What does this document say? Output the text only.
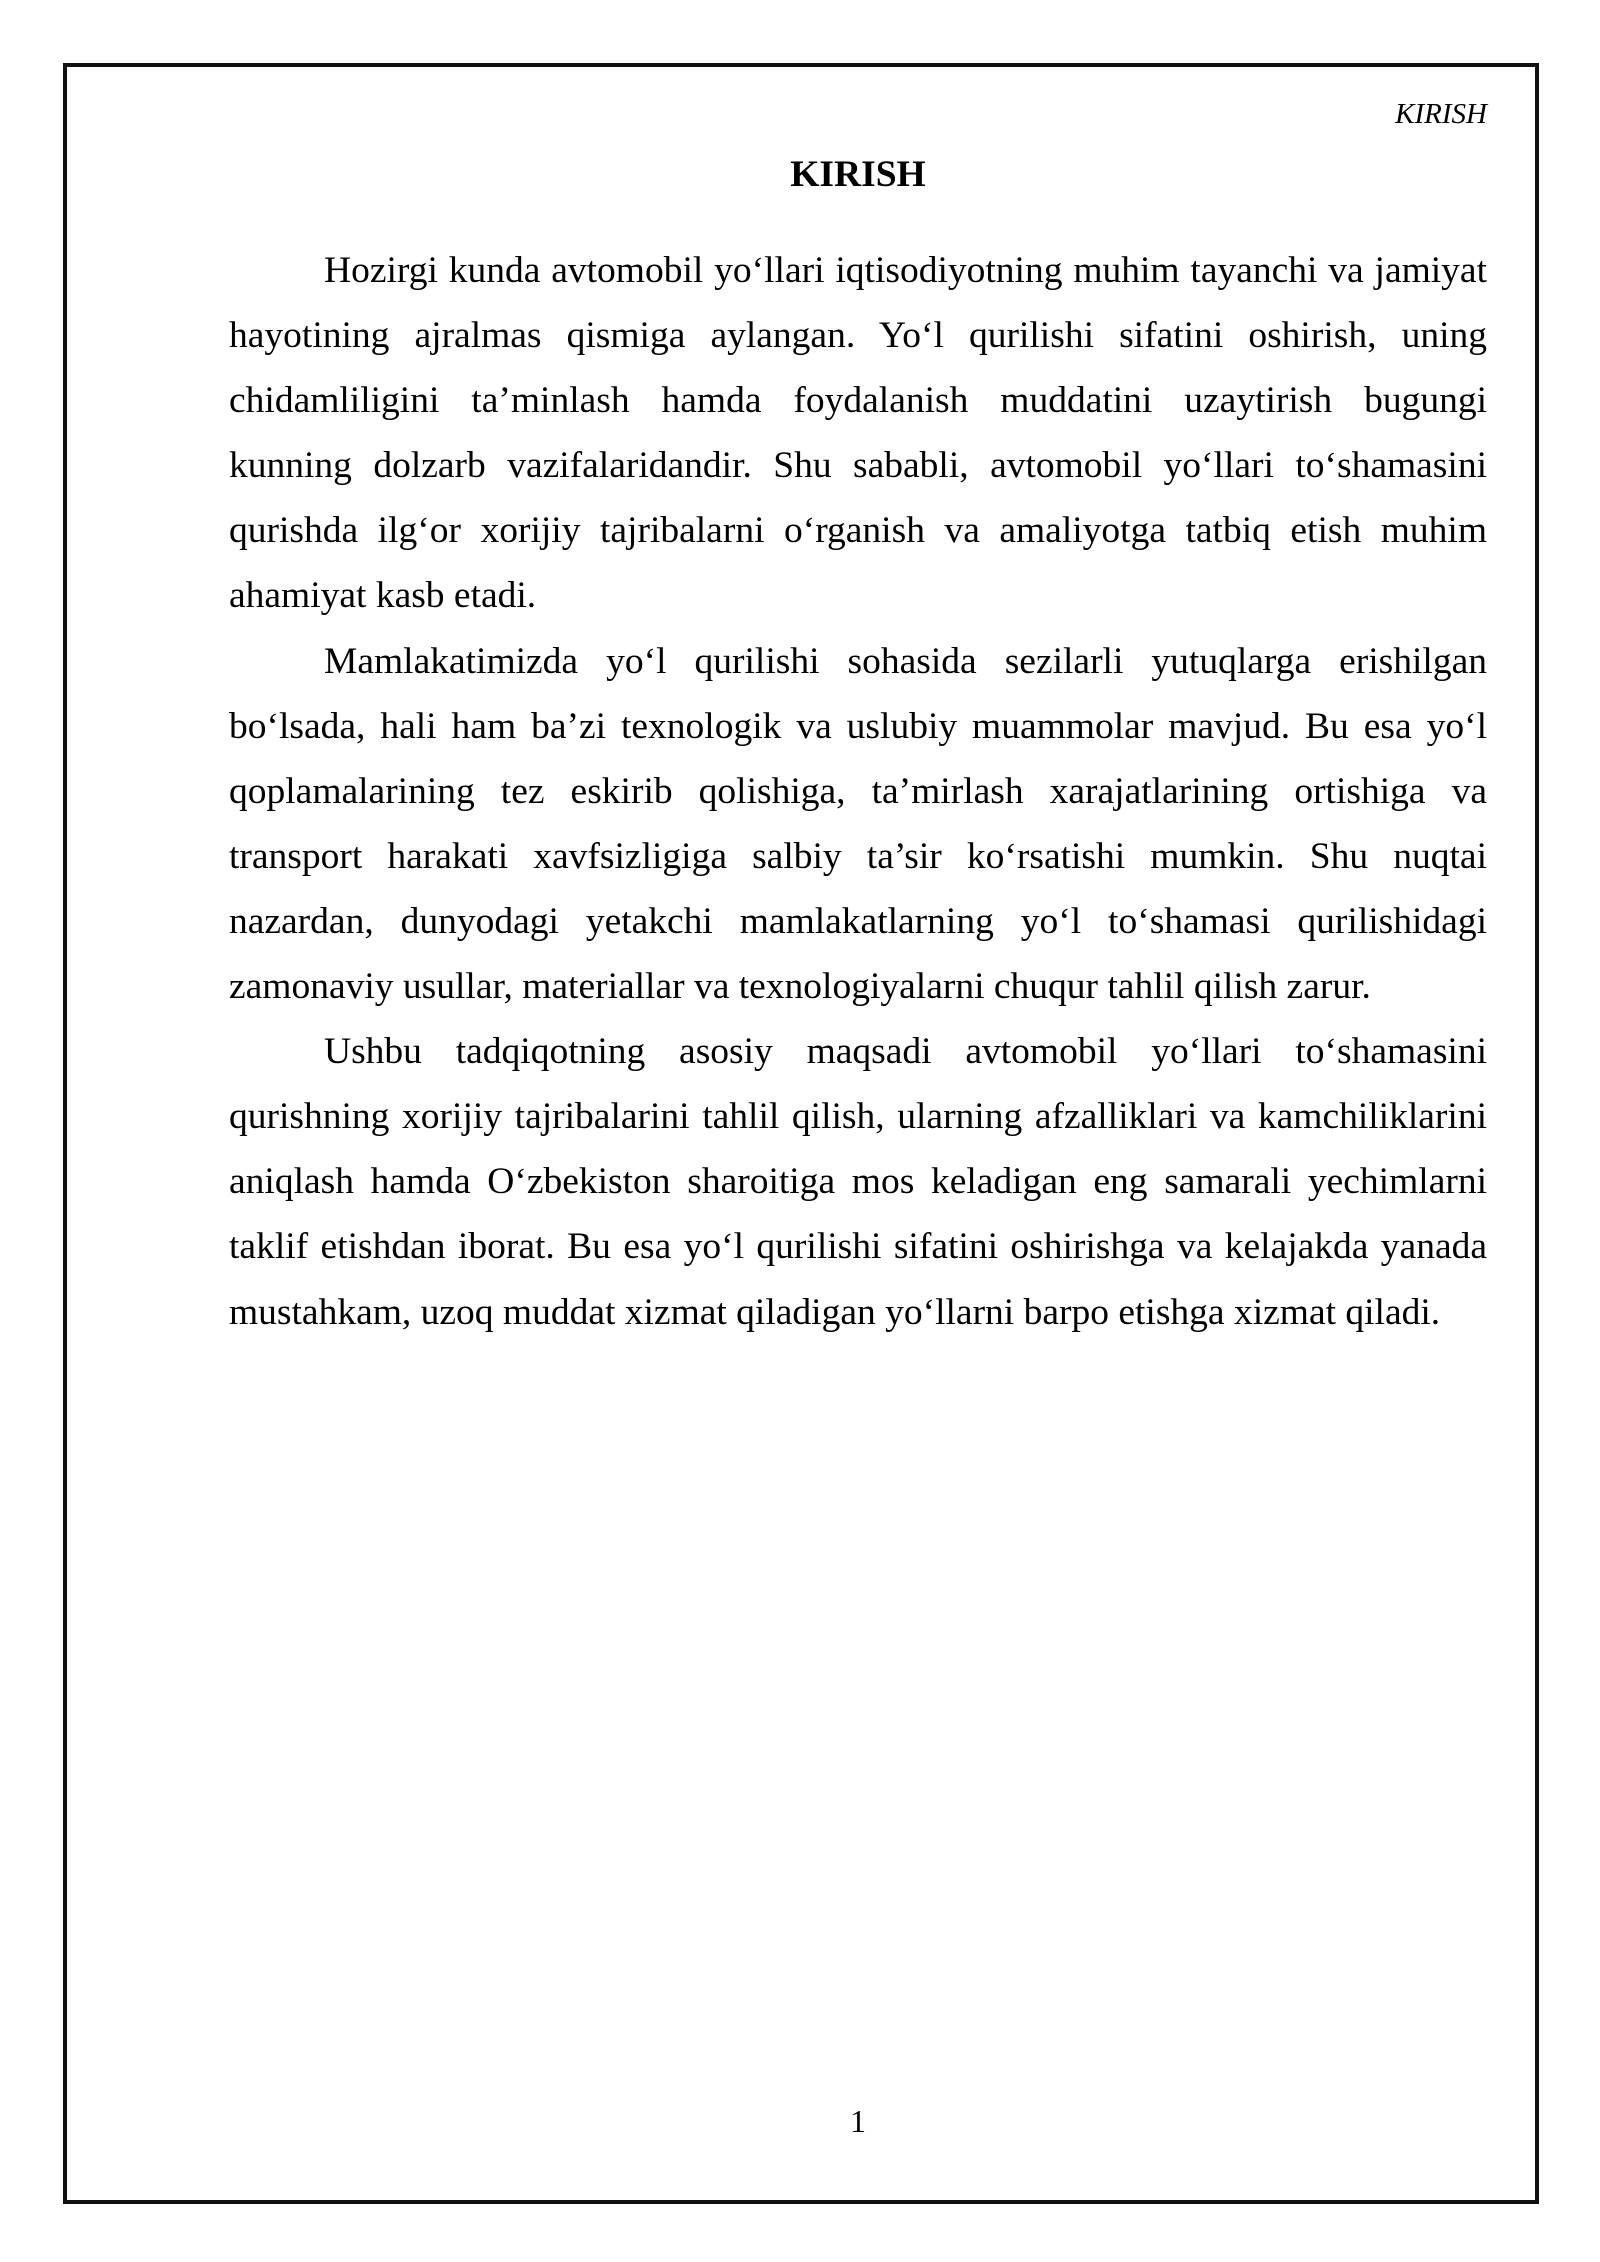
KIRISH
KIRISH
Hozirgi kunda avtomobil yo‘llari iqtisodiyotning muhim tayanchi va jamiyat
hayotining ajralmas qismiga aylangan. Yo‘l qurilishi sifatini oshirish, uning
chidamliligini ta’minlash hamda foydalanish muddatini uzaytirish bugungi
kunning dolzarb vazifalaridandir. Shu sababli, avtomobil yo‘llari to‘shamasini
qurishda ilg‘or xorijiy tajribalarni o‘rganish va amaliyotga tatbiq etish muhim
ahamiyat kasb etadi.
Mamlakatimizda yo‘l qurilishi sohasida sezilarli yutuqlarga erishilgan
bo‘lsada, hali ham ba’zi texnologik va uslubiy muammolar mavjud. Bu esa yo‘l
qoplamalarining tez eskirib qolishiga, ta’mirlash xarajatlarining ortishiga va
transport harakati xavfsizligiga salbiy ta’sir ko‘rsatishi mumkin. Shu nuqtai
nazardan, dunyodagi yetakchi mamlakatlarning yo‘l to‘shamasi qurilishidagi
zamonaviy usullar, materiallar va texnologiyalarni chuqur tahlil qilish zarur.
Ushbu tadqiqotning asosiy maqsadi avtomobil yo‘llari to‘shamasini
qurishning xorijiy tajribalarini tahlil qilish, ularning afzalliklari va kamchiliklarini
aniqlash hamda O‘zbekiston sharoitiga mos keladigan eng samarali yechimlarni
taklif etishdan iborat. Bu esa yo‘l qurilishi sifatini oshirishga va kelajakda yanada
mustahkam, uzoq muddat xizmat qiladigan yo‘llarni barpo etishga xizmat qiladi.
1
